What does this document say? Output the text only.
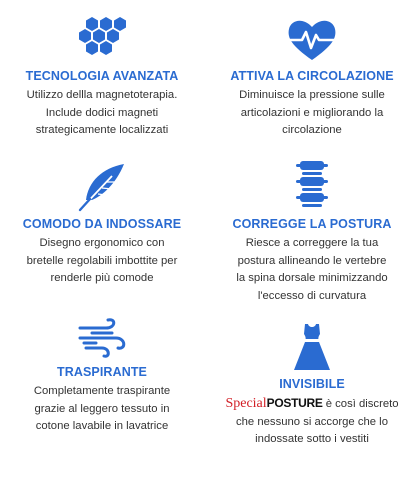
TECNOLOGIA AVANZATA
Utilizzo dellla magnetoterapia.
Include dodici magneti
strategicamente localizzati
ATTIVA LA CIRCOLAZIONE
Diminuisce la pressione sulle
articolazioni e migliorando la
circolazione
COMODO DA INDOSSARE
Disegno ergonomico con
bretelle regolabili imbottite per
renderle più comode
CORREGGE LA POSTURA
Riesce a correggere la tua
postura allineando le vertebre
la spina dorsale minimizzando
l'eccesso di curvatura
TRASPIRANTE
Completamente traspirante
grazie al leggero tessuto in
cotone lavabile in lavatrice
INVISIBILE
SpecialPOSTURE è così discreto
che nessuno si accorge che lo
indossate sotto i vestiti
